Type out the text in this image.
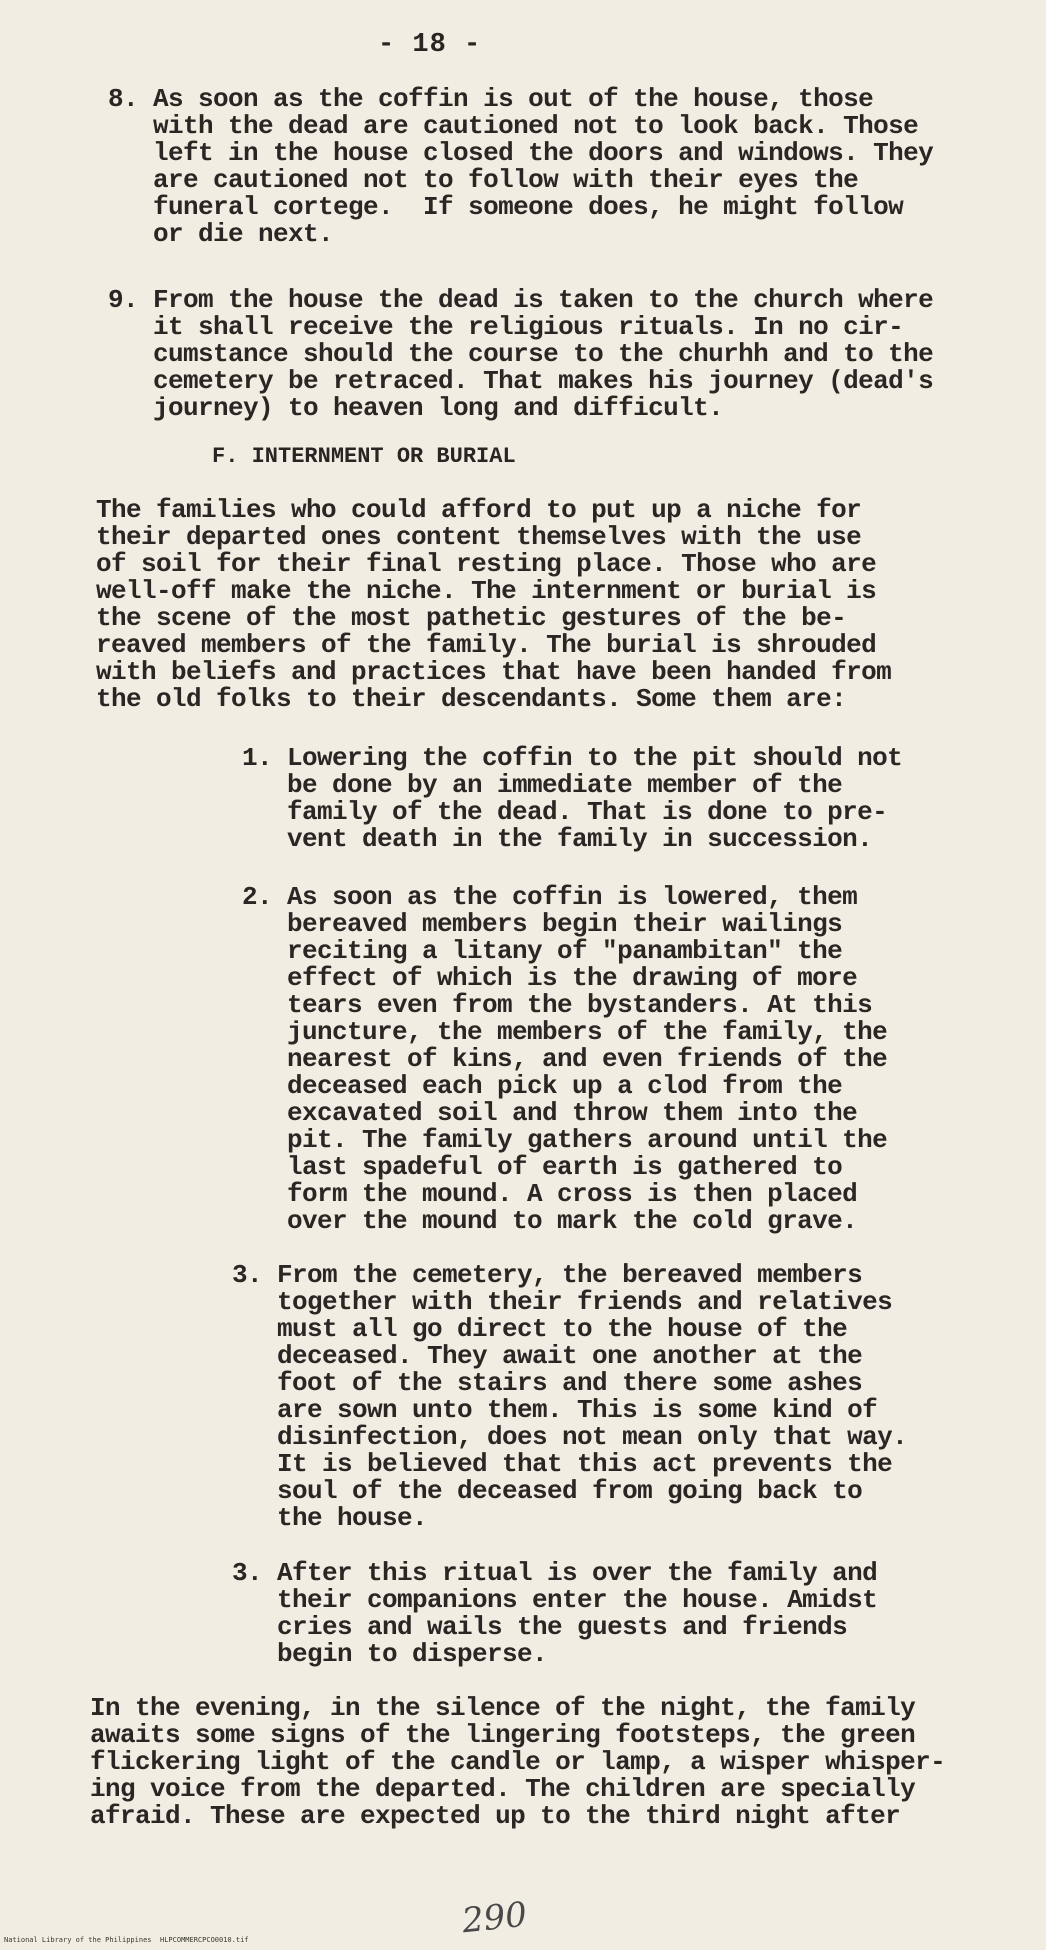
- 18 -
8. As soon as the coffin is out of the house, those
with the dead are cautioned not to look back. Those
left in the house closed the doors and windows. They
are cautioned not to follow with their eyes the
funeral cortege.  If someone does, he might follow
or die next.
9. From the house the dead is taken to the church where
it shall receive the religious rituals. In no cir-
cumstance should the course to the churhh and to the
cemetery be retraced. That makes his journey (dead's
journey) to heaven long and difficult.
F. INTERNMENT OR BURIAL
The families who could afford to put up a niche for
their departed ones content themselves with the use
of soil for their final resting place. Those who are
well-off make the niche. The internment or burial is
the scene of the most pathetic gestures of the be-
reaved members of the family. The burial is shrouded
with beliefs and practices that have been handed from
the old folks to their descendants. Some them are:
1. Lowering the coffin to the pit should not
be done by an immediate member of the
family of the dead. That is done to pre-
vent death in the family in succession.
2. As soon as the coffin is lowered, them
bereaved members begin their wailings
reciting a litany of "panambitan" the
effect of which is the drawing of more
tears even from the bystanders. At this
juncture, the members of the family, the
nearest of kins, and even friends of the
deceased each pick up a clod from the
excavated soil and throw them into the
pit. The family gathers around until the
last spadeful of earth is gathered to
form the mound. A cross is then placed
over the mound to mark the cold grave.
3. From the cemetery, the bereaved members
together with their friends and relatives
must all go direct to the house of the
deceased. They await one another at the
foot of the stairs and there some ashes
are sown unto them. This is some kind of
disinfection, does not mean only that way.
It is believed that this act prevents the
soul of the deceased from going back to
the house.
3. After this ritual is over the family and
their companions enter the house. Amidst
cries and wails the guests and friends
begin to disperse.
In the evening, in the silence of the night, the family
awaits some signs of the lingering footsteps, the green
flickering light of the candle or lamp, a wisper whisper-
ing voice from the departed. The children are specially
afraid. These are expected up to the third night after
290
National Library of the Philippines HLPCOMMERCPCO0010.tif
